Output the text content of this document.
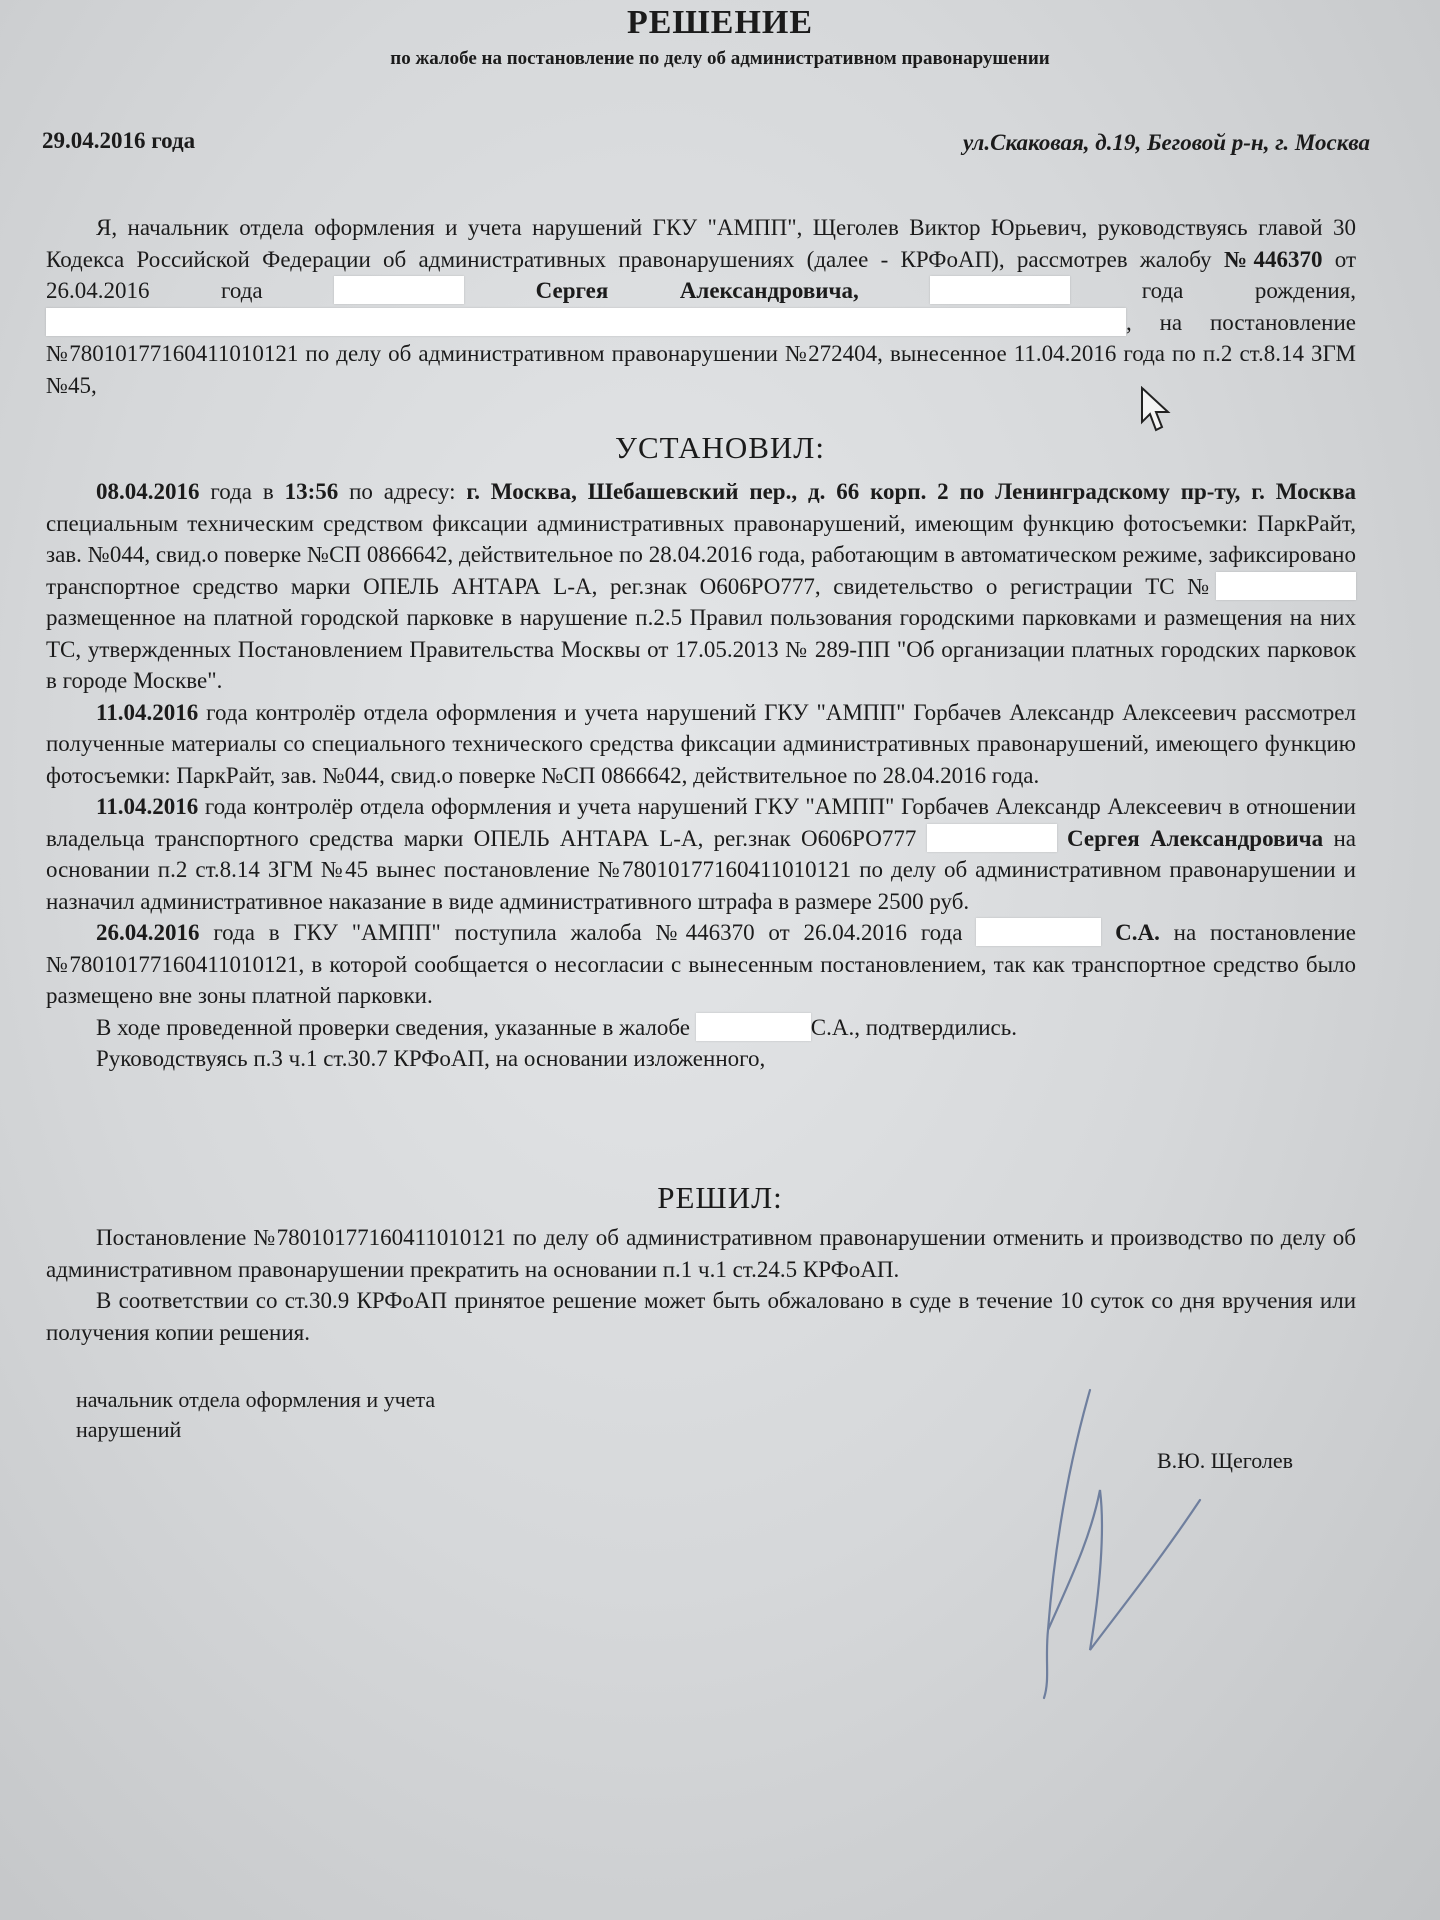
РЕШЕНИЕ
по жалобе на постановление по делу об административном правонарушении
29.04.2016 года	ул.Скаковая, д.19, Беговой р-н, г. Москва

Я, начальник отдела оформления и учета нарушений ГКУ "АМПП", Щеголев Виктор Юрьевич, руководствуясь главой 30 Кодекса Российской Федерации об административных правонарушениях (далее - КРФоАП), рассмотрев жалобу №446370 от 26.04.2016 года	Сергея Александровича,	года рождения, , на постановление №78010177160411010121 по делу об административном правонарушении №272404, вынесенное 11.04.2016 года по п.2 ст.8.14 ЗГМ №45,

УСТАНОВИЛ:

08.04.2016 года в 13:56 по адресу: г. Москва, Шебашевский пер., д. 66 корп. 2 по Ленинградскому пр-ту, г. Москва специальным техническим средством фиксации административных правонарушений, имеющим функцию фотосъемки: ПаркРайт, зав. №044, свид.о поверке №СП 0866642, действительное по 28.04.2016 года, работающим в автоматическом режиме, зафиксировано транспортное средство марки ОПЕЛЬ АНТАРА L-A, рег.знак О606РО777, свидетельство о регистрации ТС № размещенное на платной городской парковке в нарушение п.2.5 Правил пользования городскими парковками и размещения на них ТС, утвержденных Постановлением Правительства Москвы от 17.05.2013 № 289-ПП "Об организации платных городских парковок в городе Москве".

11.04.2016 года контролёр отдела оформления и учета нарушений ГКУ "АМПП" Горбачев Александр Алексеевич рассмотрел полученные материалы со специального технического средства фиксации административных правонарушений, имеющего функцию фотосъемки: ПаркРайт, зав. №044, свид.о поверке №СП 0866642, действительное по 28.04.2016 года.

11.04.2016 года контролёр отдела оформления и учета нарушений ГКУ "АМПП" Горбачев Александр Алексеевич в отношении владельца транспортного средства марки ОПЕЛЬ АНТАРА L-A, рег.знак О606РО777	Сергея Александровича на основании п.2 ст.8.14 ЗГМ №45 вынес постановление №78010177160411010121 по делу об административном правонарушении и назначил административное наказание в виде административного штрафа в размере 2500 руб.

26.04.2016 года в ГКУ "АМПП" поступила жалоба №446370 от 26.04.2016 года	С.А. на постановление №78010177160411010121, в которой сообщается о несогласии с вынесенным постановлением, так как транспортное средство было размещено вне зоны платной парковки.

В ходе проведенной проверки сведения, указанные в жалобе	С.А., подтвердились.

Руководствуясь п.3 ч.1 ст.30.7 КРФоАП, на основании изложенного,

РЕШИЛ:

Постановление №78010177160411010121 по делу об административном правонарушении отменить и производство по делу об административном правонарушении прекратить на основании п.1 ч.1 ст.24.5 КРФоАП.

В соответствии со ст.30.9 КРФоАП принятое решение может быть обжаловано в суде в течение 10 суток со дня вручения или получения копии решения.

начальник отдела оформления и учета нарушений
В.Ю. Щеголев
